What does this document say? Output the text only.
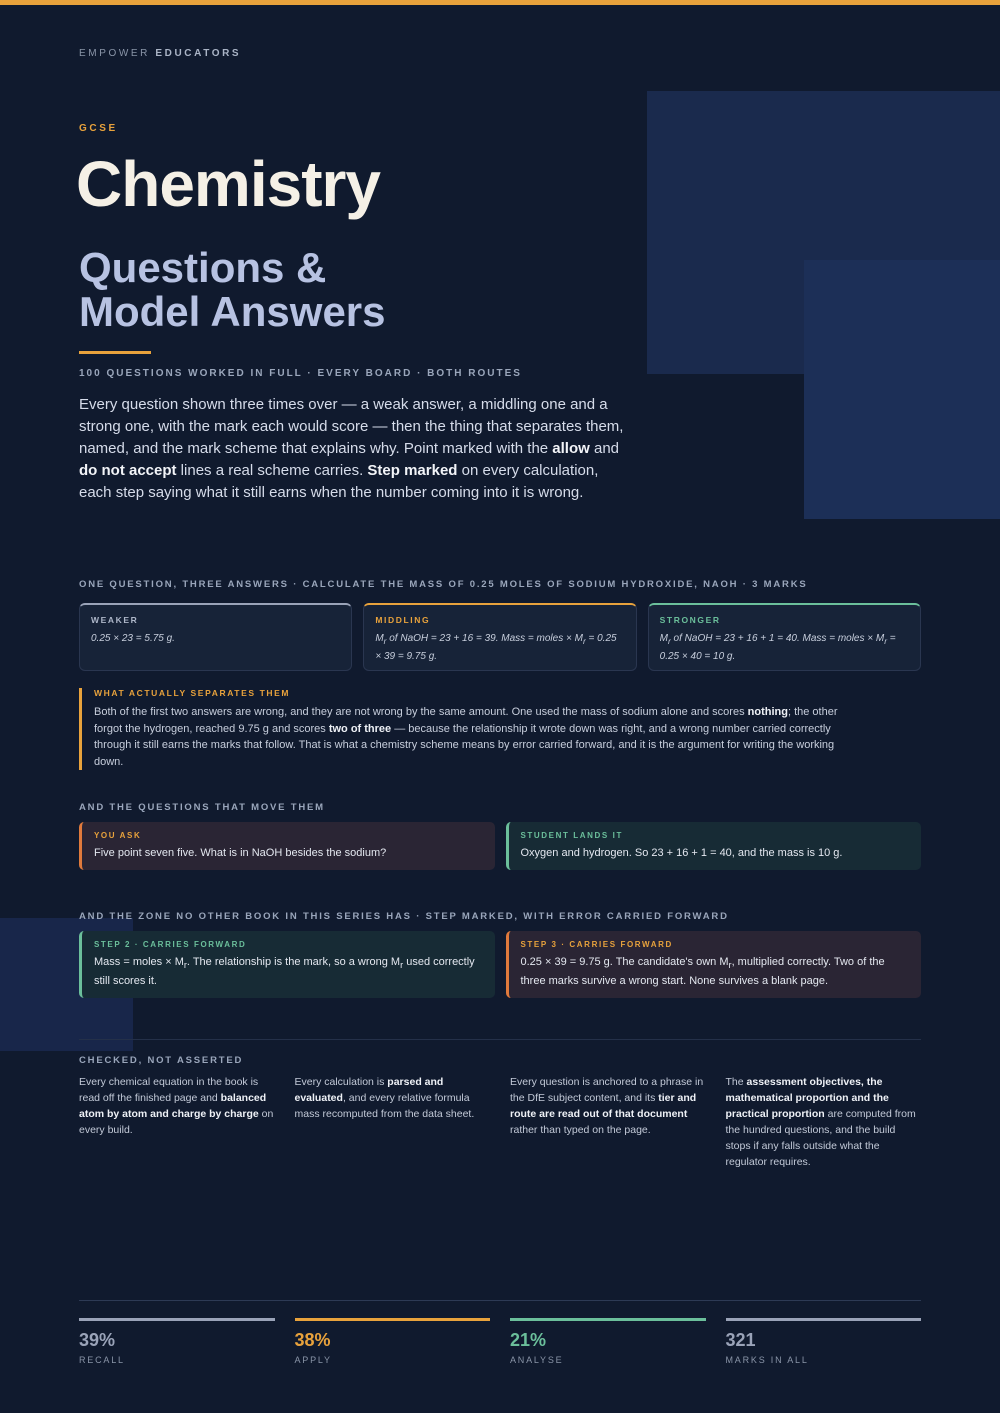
EMPOWER EDUCATORS
GCSE
Chemistry
Questions &
Model Answers
100 QUESTIONS WORKED IN FULL · EVERY BOARD · BOTH ROUTES

Every question shown three times over — a weak answer, a middling one and a strong one, with the mark each would score — then the thing that separates them, named, and the mark scheme that explains why. Point marked with the allow and do not accept lines a real scheme carries. Step marked on every calculation, each step saying what it still earns when the number coming into it is wrong.

ONE QUESTION, THREE ANSWERS · CALCULATE THE MASS OF 0.25 MOLES OF SODIUM HYDROXIDE, NAOH · 3 MARKS
WEAKER
0.25 × 23 = 5.75 g.
MIDDLING
$M_r$ of NaOH = 23 + 16 = 39. Mass = moles × $M_r = 0.25 \times 39 = 9.75$ g.
STRONGER
$M_r$ of NaOH = 23 + 16 + 1 = 40. Mass = moles × $M_r = 0.25 \times 40 = 10$ g.
WHAT ACTUALLY SEPARATES THEM

Both of the first two answers are wrong, and they are not wrong by the same amount. One used the mass of sodium alone and scores nothing; the other forgot the hydrogen, reached 9.75 g and scores two of three — because the relationship it wrote down was right, and a wrong number carried correctly through it still earns the marks that follow. That is what a chemistry scheme means by error carried forward, and it is the argument for writing the working down.

AND THE QUESTIONS THAT MOVE THEM
YOU ASK
Five point seven five. What is in NaOH besides the sodium?
STUDENT LANDS IT
Oxygen and hydrogen. So 23 + 16 + 1 = 40, and the mass is 10 g.
AND THE ZONE NO OTHER BOOK IN THIS SERIES HAS · STEP MARKED, WITH ERROR CARRIED FORWARD
STEP 2 · CARRIES FORWARD
Mass = moles × $M_r$. The relationship is the mark, so a wrong $M_r$ used correctly still scores it.
STEP 3 · CARRIES FORWARD
0.25 × 39 = 9.75 g. The candidate's own $M_r$, multiplied correctly. Two of the three marks survive a wrong start. None survives a blank page.
CHECKED, NOT ASSERTED

Every chemical equation in the book is read off the finished page and balanced atom by atom and charge by charge on every build.

Every calculation is parsed and evaluated, and every relative formula mass recomputed from the data sheet.

Every question is anchored to a phrase in the DfE subject content, and its tier and route are read out of that document rather than typed on the page.

The assessment objectives, the mathematical proportion and the practical proportion are computed from the hundred questions, and the build stops if any falls outside what the regulator requires.

39%
RECALL
38%
APPLY
21%
ANALYSE
321
MARKS IN ALL
